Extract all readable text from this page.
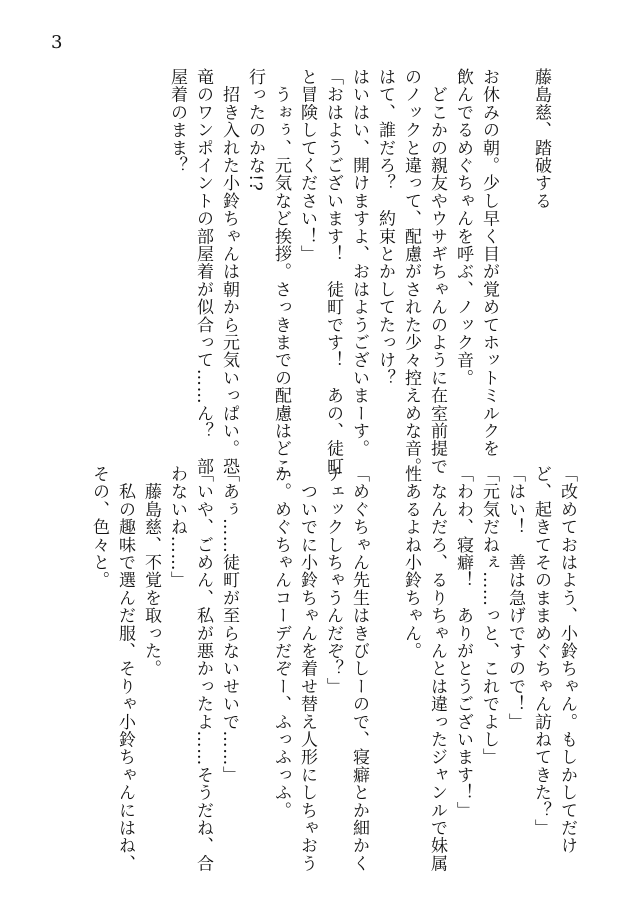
3

藤島慈、踏破する

お休みの朝。少し早く目が覚めてホットミルクを
飲んでるめぐちゃんを呼ぶ、ノック音。
　どこかの親友やウサギちゃんのように在室前提で
のノックと違って、配慮がされた少々控えめな音。
はて、誰だろ？　約束とかしてたっけ？
はいはい、開けますよ、おはようございまーす。
「おはようございます！　徒町です！　あの、徒町
と冒険してください！」
　うぉぅ、元気など挨拶。さっきまでの配慮はどこ
行ったのかな!?
　招き入れた小鈴ちゃんは朝から元気いっぱい。恐
竜のワンポイントの部屋着が似合って……ん？　部
屋着のまま？
「改めておはよう、小鈴ちゃん。もしかしてだけ
ど、起きてそのままめぐちゃん訪ねてきた？」
「はい！　善は急げですので！」
「元気だねぇ……っと、これでよし」
「わわ、寝癖！　ありがとうございます！」
　なんだろ、るりちゃんとは違ったジャンルで妹属
性あるよね小鈴ちゃん。

「めぐちゃん先生はきびしーので、寝癖とか細かく
チェックしちゃうんだぞ？」
　ついでに小鈴ちゃんを着せ替え人形にしちゃおう
か。めぐちゃんコーデだぞー、ふっふっふ。

「あぅ……徒町が至らないせいで……」
「いや、ごめん、私が悪かったよ……そうだね、合
わないね……」
　藤島慈、不覚を取った。
　私の趣味で選んだ服、そりゃ小鈴ちゃんにはね、
その、色々と。
